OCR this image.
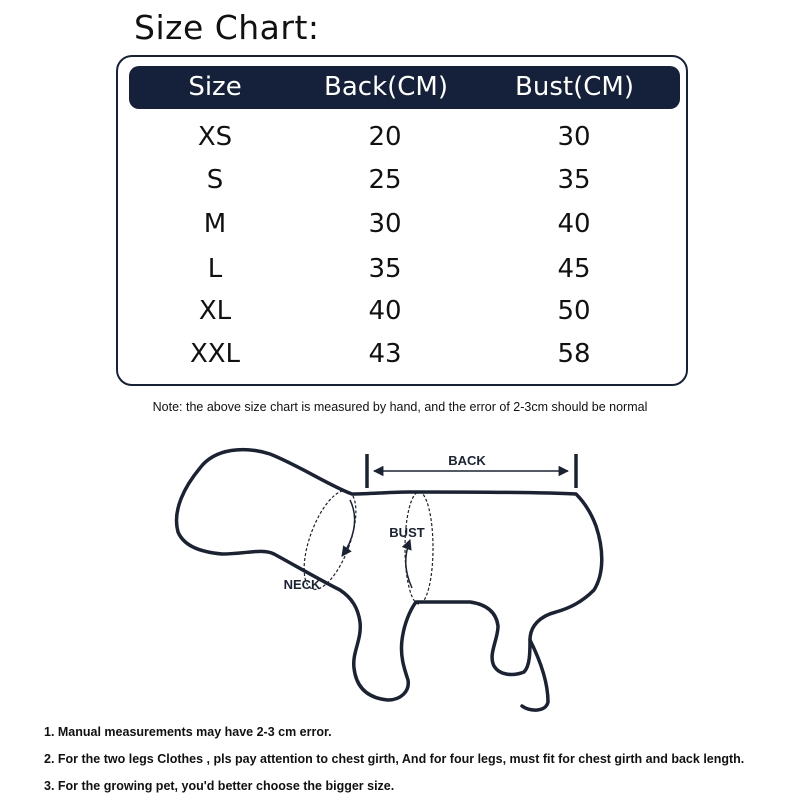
Size Chart:
Size	Back(CM)	Bust(CM)
XS	20	30
S	25	35
M	30	40
L	35	45
XL	40	50
XXL	43	58
Note: the above size chart is measured by hand, and the error of 2-3cm should be normal
BACK
NECK
BUST
1. Manual measurements may have 2-3 cm error.
2. For the two legs Clothes , pls pay attention to chest girth, And for four legs, must fit for chest girth and back length.
3. For the growing pet, you'd better choose the bigger size.
